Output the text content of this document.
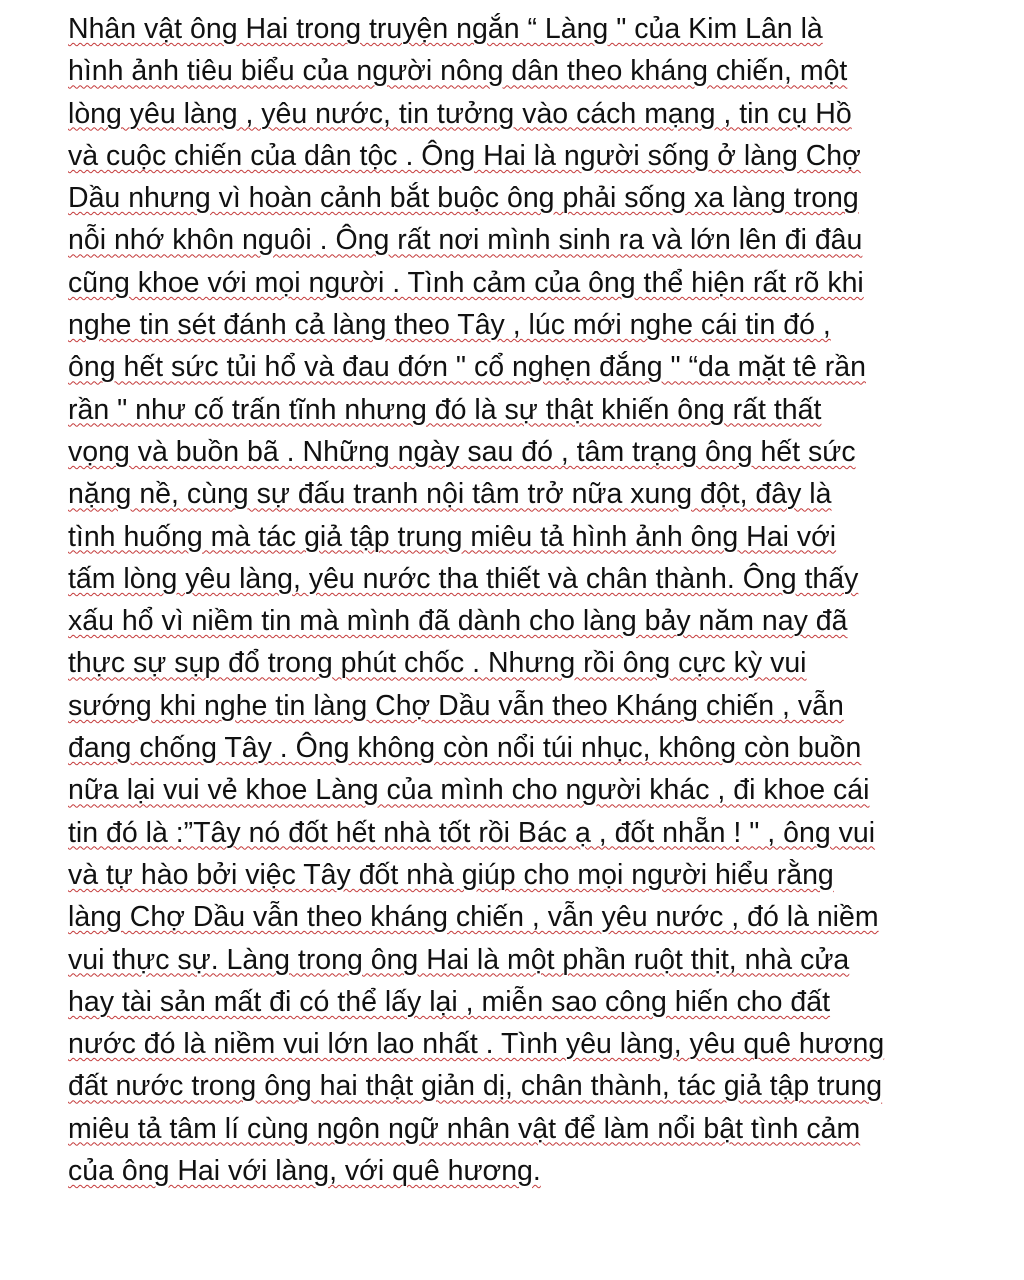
Nhân vật ông Hai trong truyện ngắn “ Làng " của Kim Lân là
hình ảnh tiêu biểu của người nông dân theo kháng chiến, một
lòng yêu làng , yêu nước, tin tưởng vào cách mạng , tin cụ Hồ
và cuộc chiến của dân tộc . Ông Hai là người sống ở làng Chợ
Dầu nhưng vì hoàn cảnh bắt buộc ông phải sống xa làng trong
nỗi nhớ khôn nguôi . Ông rất nơi mình sinh ra và lớn lên đi đâu
cũng khoe với mọi người . Tình cảm của ông thể hiện rất rõ khi
nghe tin sét đánh cả làng theo Tây , lúc mới nghe cái tin đó ,
ông hết sức tủi hổ và đau đớn " cổ nghẹn đắng " “da mặt tê rần
rần " như cố trấn tĩnh nhưng đó là sự thật khiến ông rất thất
vọng và buồn bã . Những ngày sau đó , tâm trạng ông hết sức
nặng nề, cùng sự đấu tranh nội tâm trở nữa xung đột, đây là
tình huống mà tác giả tập trung miêu tả hình ảnh ông Hai với
tấm lòng yêu làng, yêu nước tha thiết và chân thành. Ông thấy
xấu hổ vì niềm tin mà mình đã dành cho làng bảy năm nay đã
thực sự sụp đổ trong phút chốc . Nhưng rồi ông cực kỳ vui
sướng khi nghe tin làng Chợ Dầu vẫn theo Kháng chiến , vẫn
đang chống Tây . Ông không còn nổi túi nhục, không còn buồn
nữa lại vui vẻ khoe Làng của mình cho người khác , đi khoe cái
tin đó là :”Tây nó đốt hết nhà tốt rồi Bác ạ , đốt nhẵn ! " , ông vui
và tự hào bởi việc Tây đốt nhà giúp cho mọi người hiểu rằng
làng Chợ Dầu vẫn theo kháng chiến , vẫn yêu nước , đó là niềm
vui thực sự. Làng trong ông Hai là một phần ruột thịt, nhà cửa
hay tài sản mất đi có thể lấy lại , miễn sao công hiến cho đất
nước đó là niềm vui lớn lao nhất . Tình yêu làng, yêu quê hương
đất nước trong ông hai thật giản dị, chân thành, tác giả tập trung
miêu tả tâm lí cùng ngôn ngữ nhân vật để làm nổi bật tình cảm
của ông Hai với làng, với quê hương.
